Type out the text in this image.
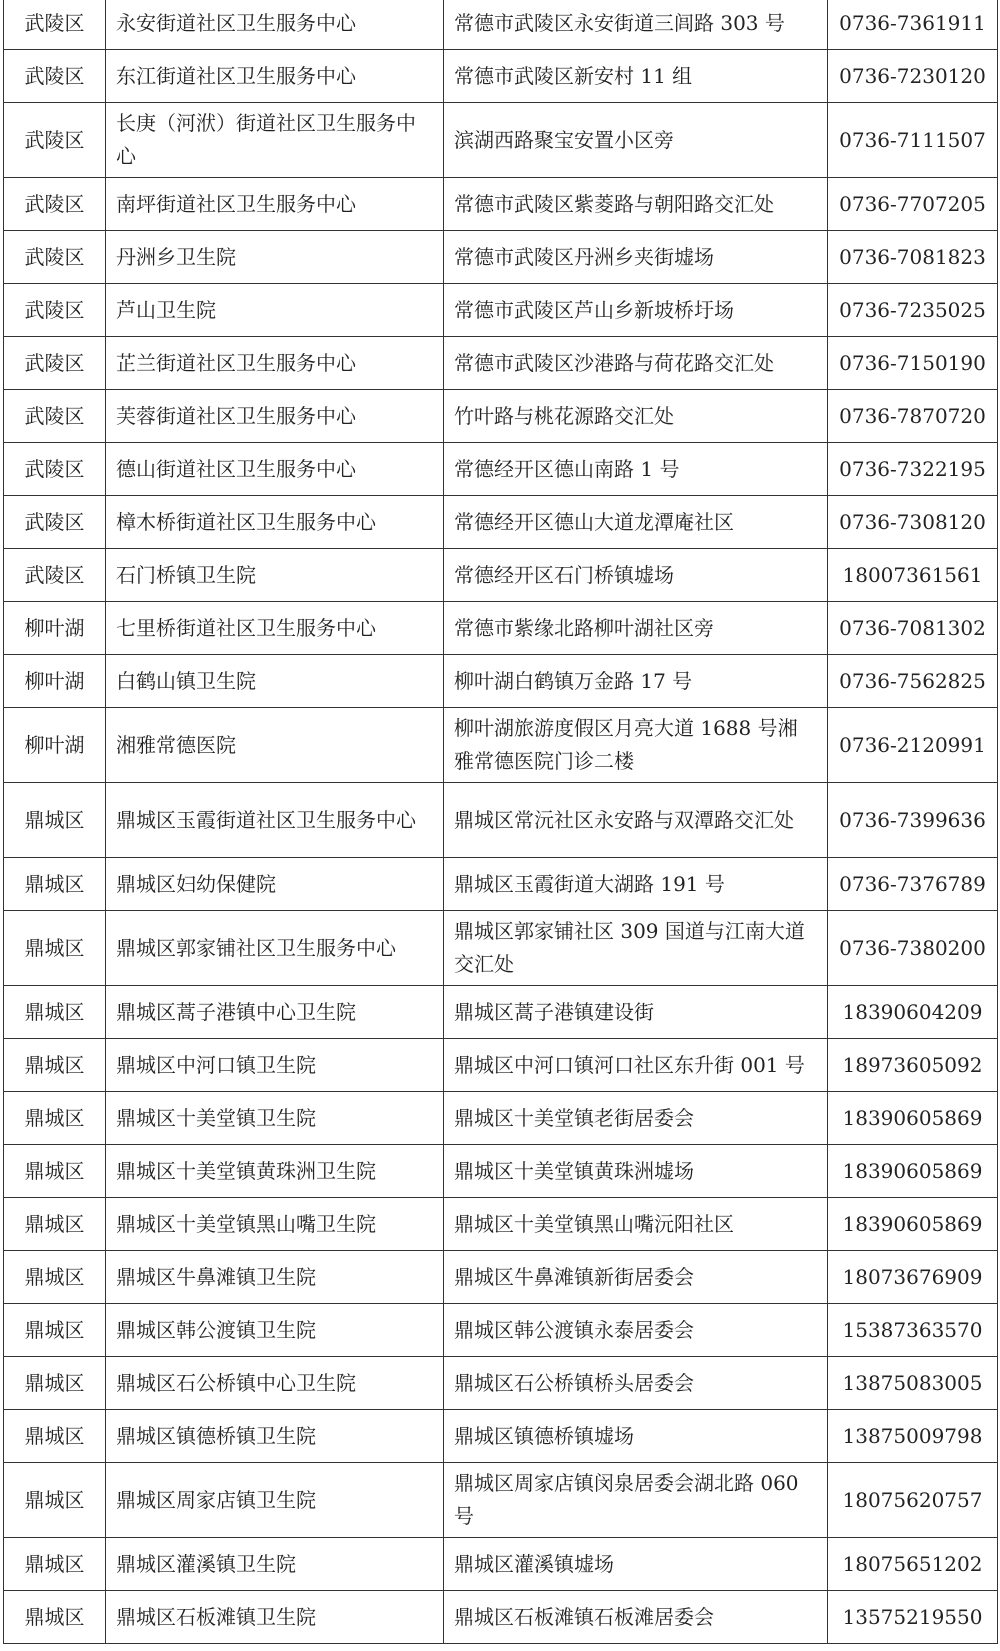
武陵区	永安街道社区卫生服务中心	常德市武陵区永安街道三闾路 303 号	0736-7361911
武陵区	东江街道社区卫生服务中心	常德市武陵区新安村 11 组	0736-7230120
武陵区	长庚（河洑）街道社区卫生服务中心	滨湖西路聚宝安置小区旁	0736-7111507
武陵区	南坪街道社区卫生服务中心	常德市武陵区紫菱路与朝阳路交汇处	0736-7707205
武陵区	丹洲乡卫生院	常德市武陵区丹洲乡夹街墟场	0736-7081823
武陵区	芦山卫生院	常德市武陵区芦山乡新坡桥圩场	0736-7235025
武陵区	芷兰街道社区卫生服务中心	常德市武陵区沙港路与荷花路交汇处	0736-7150190
武陵区	芙蓉街道社区卫生服务中心	竹叶路与桃花源路交汇处	0736-7870720
武陵区	德山街道社区卫生服务中心	常德经开区德山南路 1 号	0736-7322195
武陵区	樟木桥街道社区卫生服务中心	常德经开区德山大道龙潭庵社区	0736-7308120
武陵区	石门桥镇卫生院	常德经开区石门桥镇墟场	18007361561
柳叶湖	七里桥街道社区卫生服务中心	常德市紫缘北路柳叶湖社区旁	0736-7081302
柳叶湖	白鹤山镇卫生院	柳叶湖白鹤镇万金路 17 号	0736-7562825
柳叶湖	湘雅常德医院	柳叶湖旅游度假区月亮大道 1688 号湘雅常德医院门诊二楼	0736-2120991
鼎城区	鼎城区玉霞街道社区卫生服务中心	鼎城区常沅社区永安路与双潭路交汇处	0736-7399636
鼎城区	鼎城区妇幼保健院	鼎城区玉霞街道大湖路 191 号	0736-7376789
鼎城区	鼎城区郭家铺社区卫生服务中心	鼎城区郭家铺社区 309 国道与江南大道交汇处	0736-7380200
鼎城区	鼎城区蒿子港镇中心卫生院	鼎城区蒿子港镇建设街	18390604209
鼎城区	鼎城区中河口镇卫生院	鼎城区中河口镇河口社区东升街 001 号	18973605092
鼎城区	鼎城区十美堂镇卫生院	鼎城区十美堂镇老街居委会	18390605869
鼎城区	鼎城区十美堂镇黄珠洲卫生院	鼎城区十美堂镇黄珠洲墟场	18390605869
鼎城区	鼎城区十美堂镇黑山嘴卫生院	鼎城区十美堂镇黑山嘴沅阳社区	18390605869
鼎城区	鼎城区牛鼻滩镇卫生院	鼎城区牛鼻滩镇新街居委会	18073676909
鼎城区	鼎城区韩公渡镇卫生院	鼎城区韩公渡镇永泰居委会	15387363570
鼎城区	鼎城区石公桥镇中心卫生院	鼎城区石公桥镇桥头居委会	13875083005
鼎城区	鼎城区镇德桥镇卫生院	鼎城区镇德桥镇墟场	13875009798
鼎城区	鼎城区周家店镇卫生院	鼎城区周家店镇闵泉居委会湖北路 060 号	18075620757
鼎城区	鼎城区灌溪镇卫生院	鼎城区灌溪镇墟场	18075651202
鼎城区	鼎城区石板滩镇卫生院	鼎城区石板滩镇石板滩居委会	13575219550
